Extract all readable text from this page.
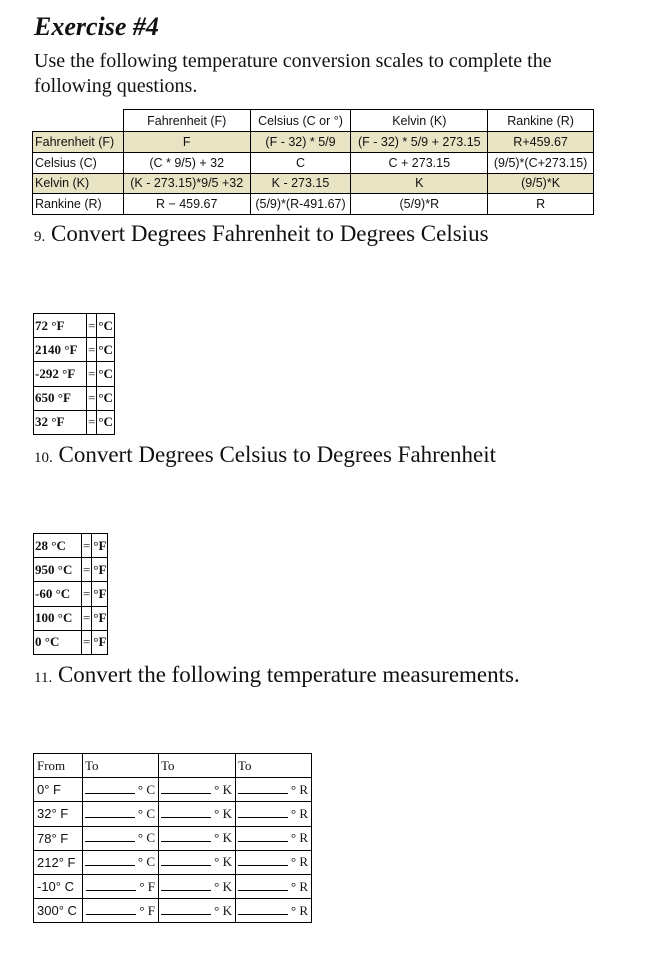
Exercise #4
Use the following temperature conversion scales to complete the following questions.
	Fahrenheit (F)	Celsius (C or °)	Kelvin (K)	Rankine (R)
Fahrenheit (F)	F	(F - 32) * 5/9	(F - 32) * 5/9 + 273.15	R+459.67
Celsius (C)	(C * 9/5) + 32	C	C + 273.15	(9/5)*(C+273.15)
Kelvin (K)	(K - 273.15)*9/5 +32	K - 273.15	K	(9/5)*K
Rankine (R)	R − 459.67	(5/9)*(R-491.67)	(5/9)*R	R
9. Convert Degrees Fahrenheit to Degrees Celsius
72 °F	=	°C
2140 °F	=	°C
-292 °F	=	°C
650 °F	=	°C
32 °F	=	°C
10. Convert Degrees Celsius to Degrees Fahrenheit
28 °C	=	°F
950 °C	=	°F
-60 °C	=	°F
100 °C	=	°F
0 °C	=	°F
11. Convert the following temperature measurements.
From	To	To	To
0° F	° C	° K	° R
32° F	° C	° K	° R
78° F	° C	° K	° R
212° F	° C	° K	° R
-10° C	° F	° K	° R
300° C	° F	° K	° R
